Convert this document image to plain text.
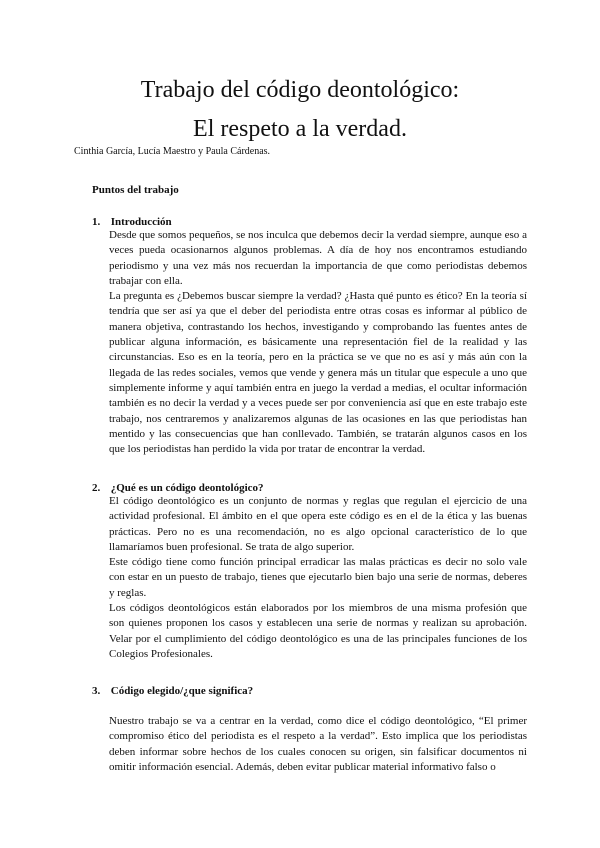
Trabajo del código deontológico:
El respeto a la verdad.
Cinthia García, Lucía Maestro y Paula Cárdenas.
Puntos del trabajo
1. Introducción

Desde que somos pequeños, se nos inculca que debemos decir la verdad siempre, aunque eso a veces pueda ocasionarnos algunos problemas. A día de hoy nos encontramos estudiando periodismo y una vez más nos recuerdan la importancia de que como periodistas debemos trabajar con ella.

La pregunta es ¿Debemos buscar siempre la verdad? ¿Hasta qué punto es ético? En la teoría sí tendría que ser así ya que el deber del periodista entre otras cosas es informar al público de manera objetiva, contrastando los hechos, investigando y comprobando las fuentes antes de publicar alguna información, es básicamente una representación fiel de la realidad y las circunstancias. Eso es en la teoría, pero en la práctica se ve que no es así y más aún con la llegada de las redes sociales, vemos que vende y genera más un titular que especule a uno que simplemente informe y aquí también entra en juego la verdad a medias, el ocultar información también es no decir la verdad y a veces puede ser por conveniencia así que en este trabajo este trabajo, nos centraremos y analizaremos algunas de las ocasiones en las que periodistas han mentido y las consecuencias que han conllevado. También, se tratarán algunos casos en los que los periodistas han perdido la vida por tratar de encontrar la verdad.

2. ¿Qué es un código deontológico?

El código deontológico es un conjunto de normas y reglas que regulan el ejercicio de una actividad profesional. El ámbito en el que opera este código es en el de la ética y las buenas prácticas. Pero no es una recomendación, no es algo opcional característico de lo que llamaríamos buen profesional. Se trata de algo superior.

Este código tiene como función principal erradicar las malas prácticas es decir no solo vale con estar en un puesto de trabajo, tienes que ejecutarlo bien bajo una serie de normas, deberes y reglas.

Los códigos deontológicos están elaborados por los miembros de una misma profesión que son quienes proponen los casos y establecen una serie de normas y realizan su aprobación. Velar por el cumplimiento del código deontológico es una de las principales funciones de los Colegios Profesionales.

3. Código elegido/¿que significa?

Nuestro trabajo se va a centrar en la verdad, como dice el código deontológico, “El primer compromiso ético del periodista es el respeto a la verdad”. Esto implica que los periodistas deben informar sobre hechos de los cuales conocen su origen, sin falsificar documentos ni omitir información esencial. Además, deben evitar publicar material informativo falso o
